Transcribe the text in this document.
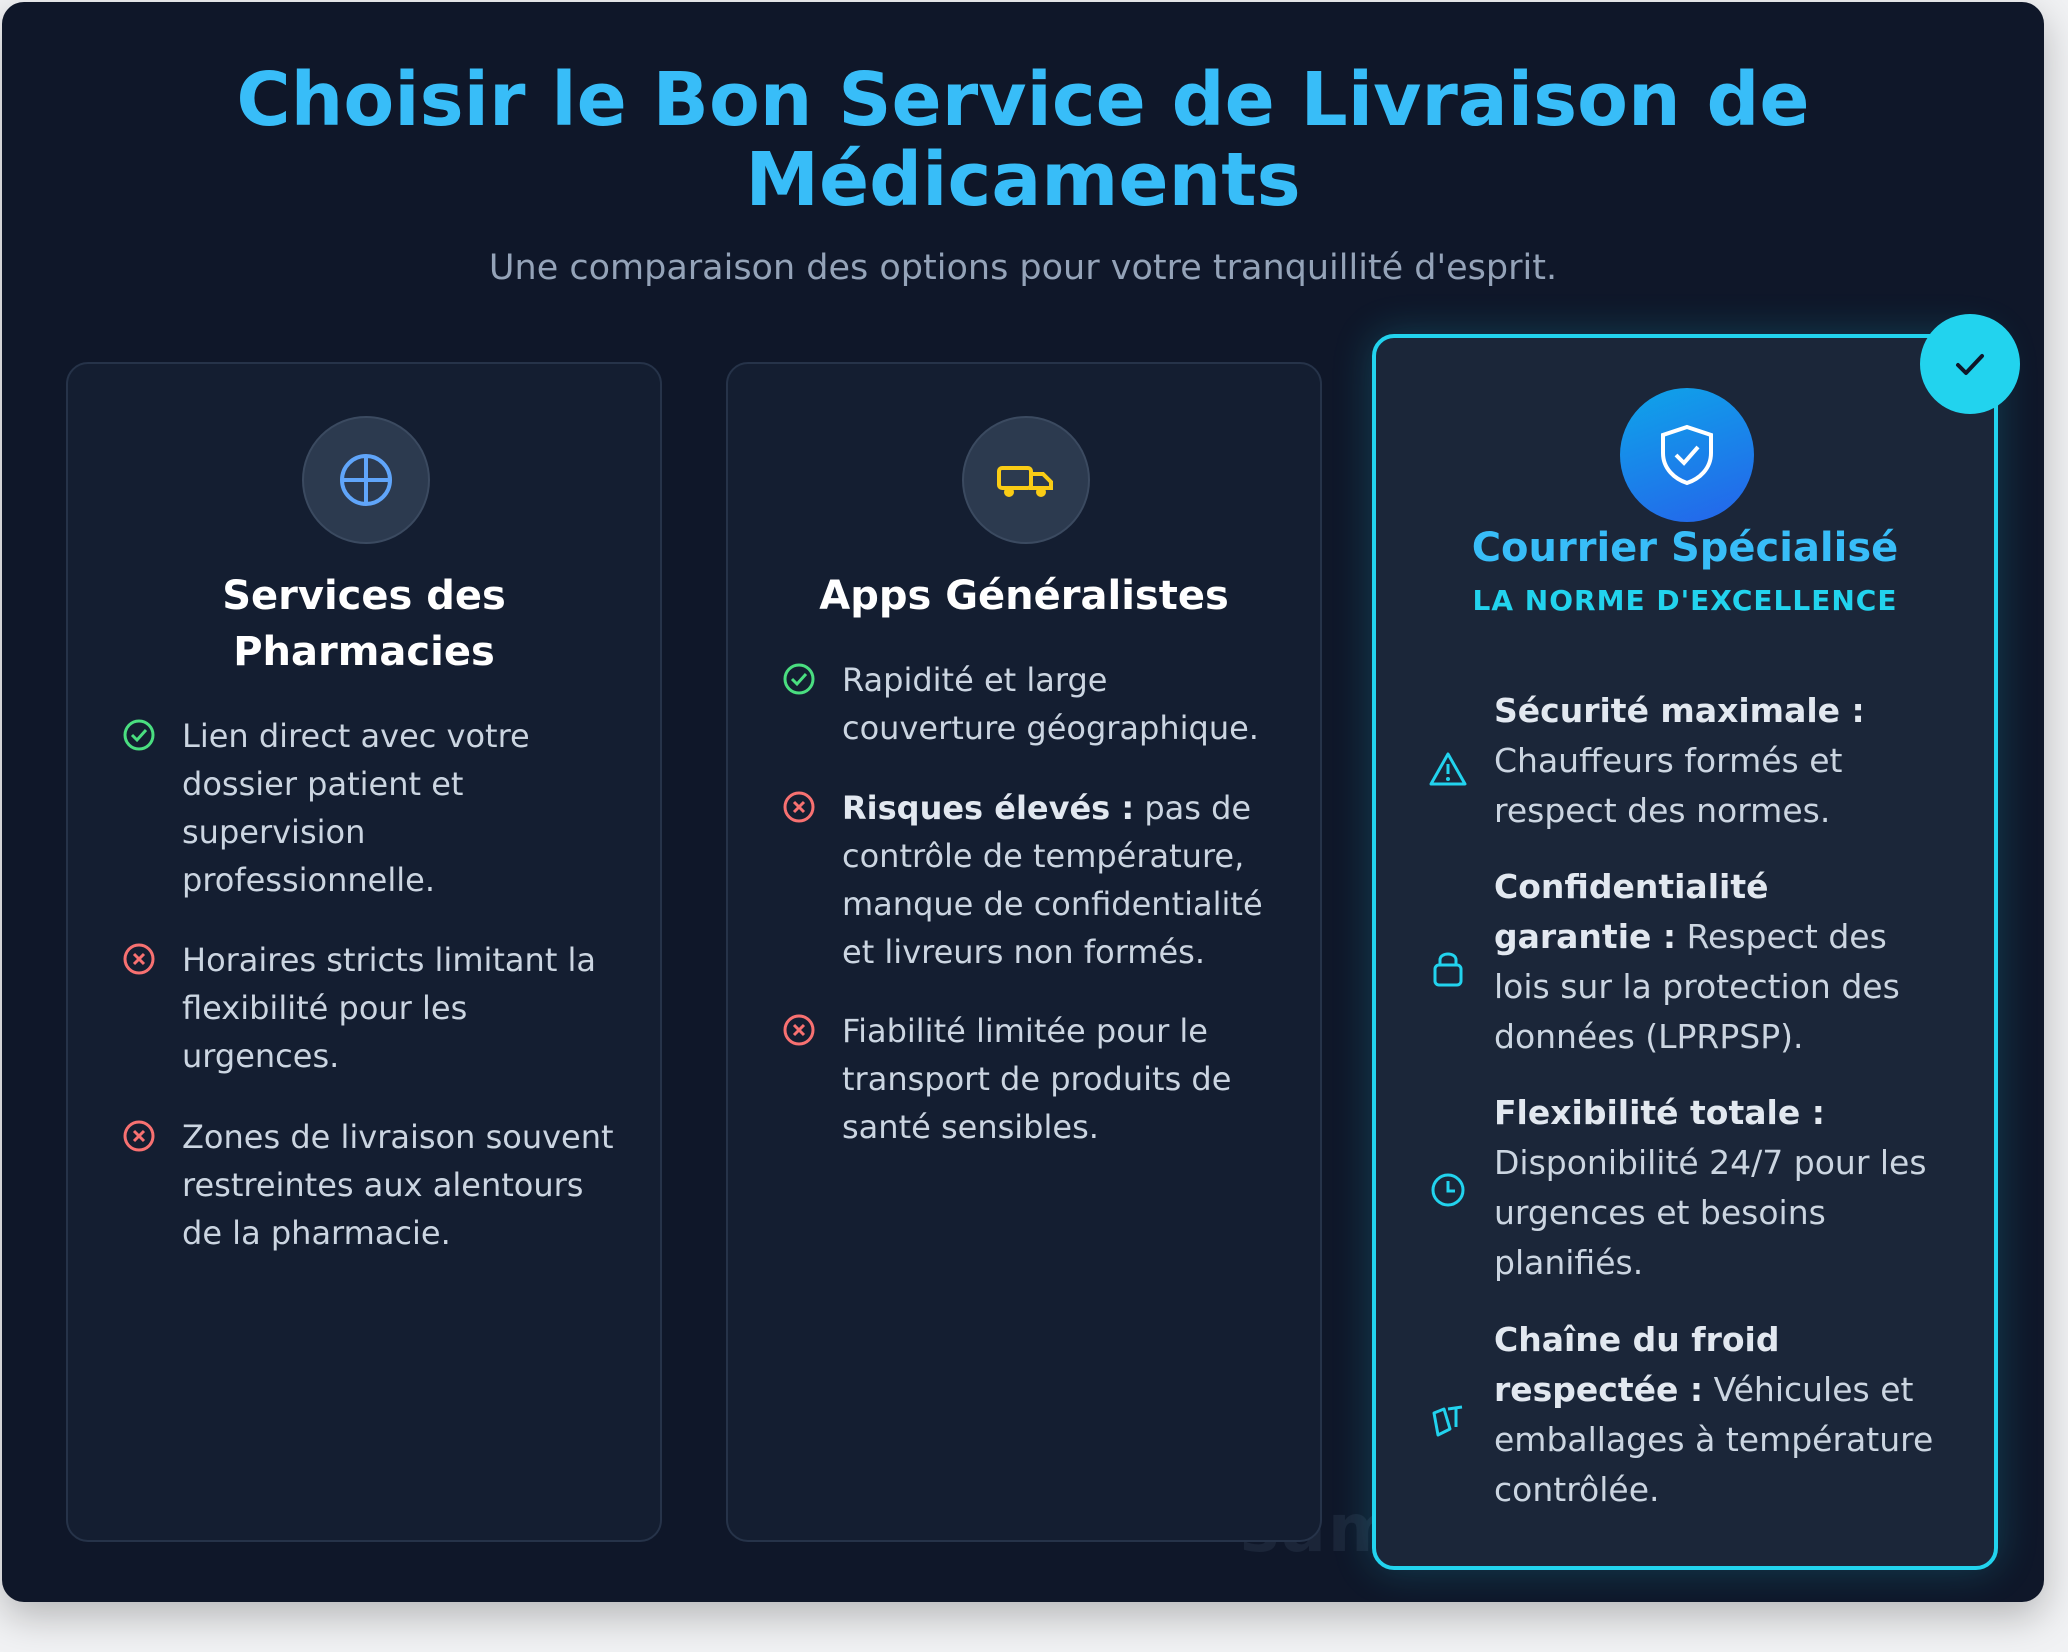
Choisir le Bon Service de Livraison de
Médicaments
Une comparaison des options pour votre tranquillité d'esprit.
Services des
Pharmacies
Lien direct avec votre
dossier patient et
supervision
professionnelle.
Horaires stricts limitant la
flexibilité pour les
urgences.
Zones de livraison souvent
restreintes aux alentours
de la pharmacie.
Apps Généralistes
Rapidité et large
couverture géographique.
Risques élevés : pas de
contrôle de température,
manque de confidentialité
et livreurs non formés.
Fiabilité limitée pour le
transport de produits de
santé sensibles.
Courrier Spécialisé
LA NORME D'EXCELLENCE
Sécurité maximale :
Chauffeurs formés et
respect des normes.
Confidentialité
garantie : Respect des
lois sur la protection des
données (LPRPSP).
Flexibilité totale :
Disponibilité 24/7 pour les
urgences et besoins
planifiés.
Chaîne du froid
respectée : Véhicules et
emballages à température
contrôlée.
